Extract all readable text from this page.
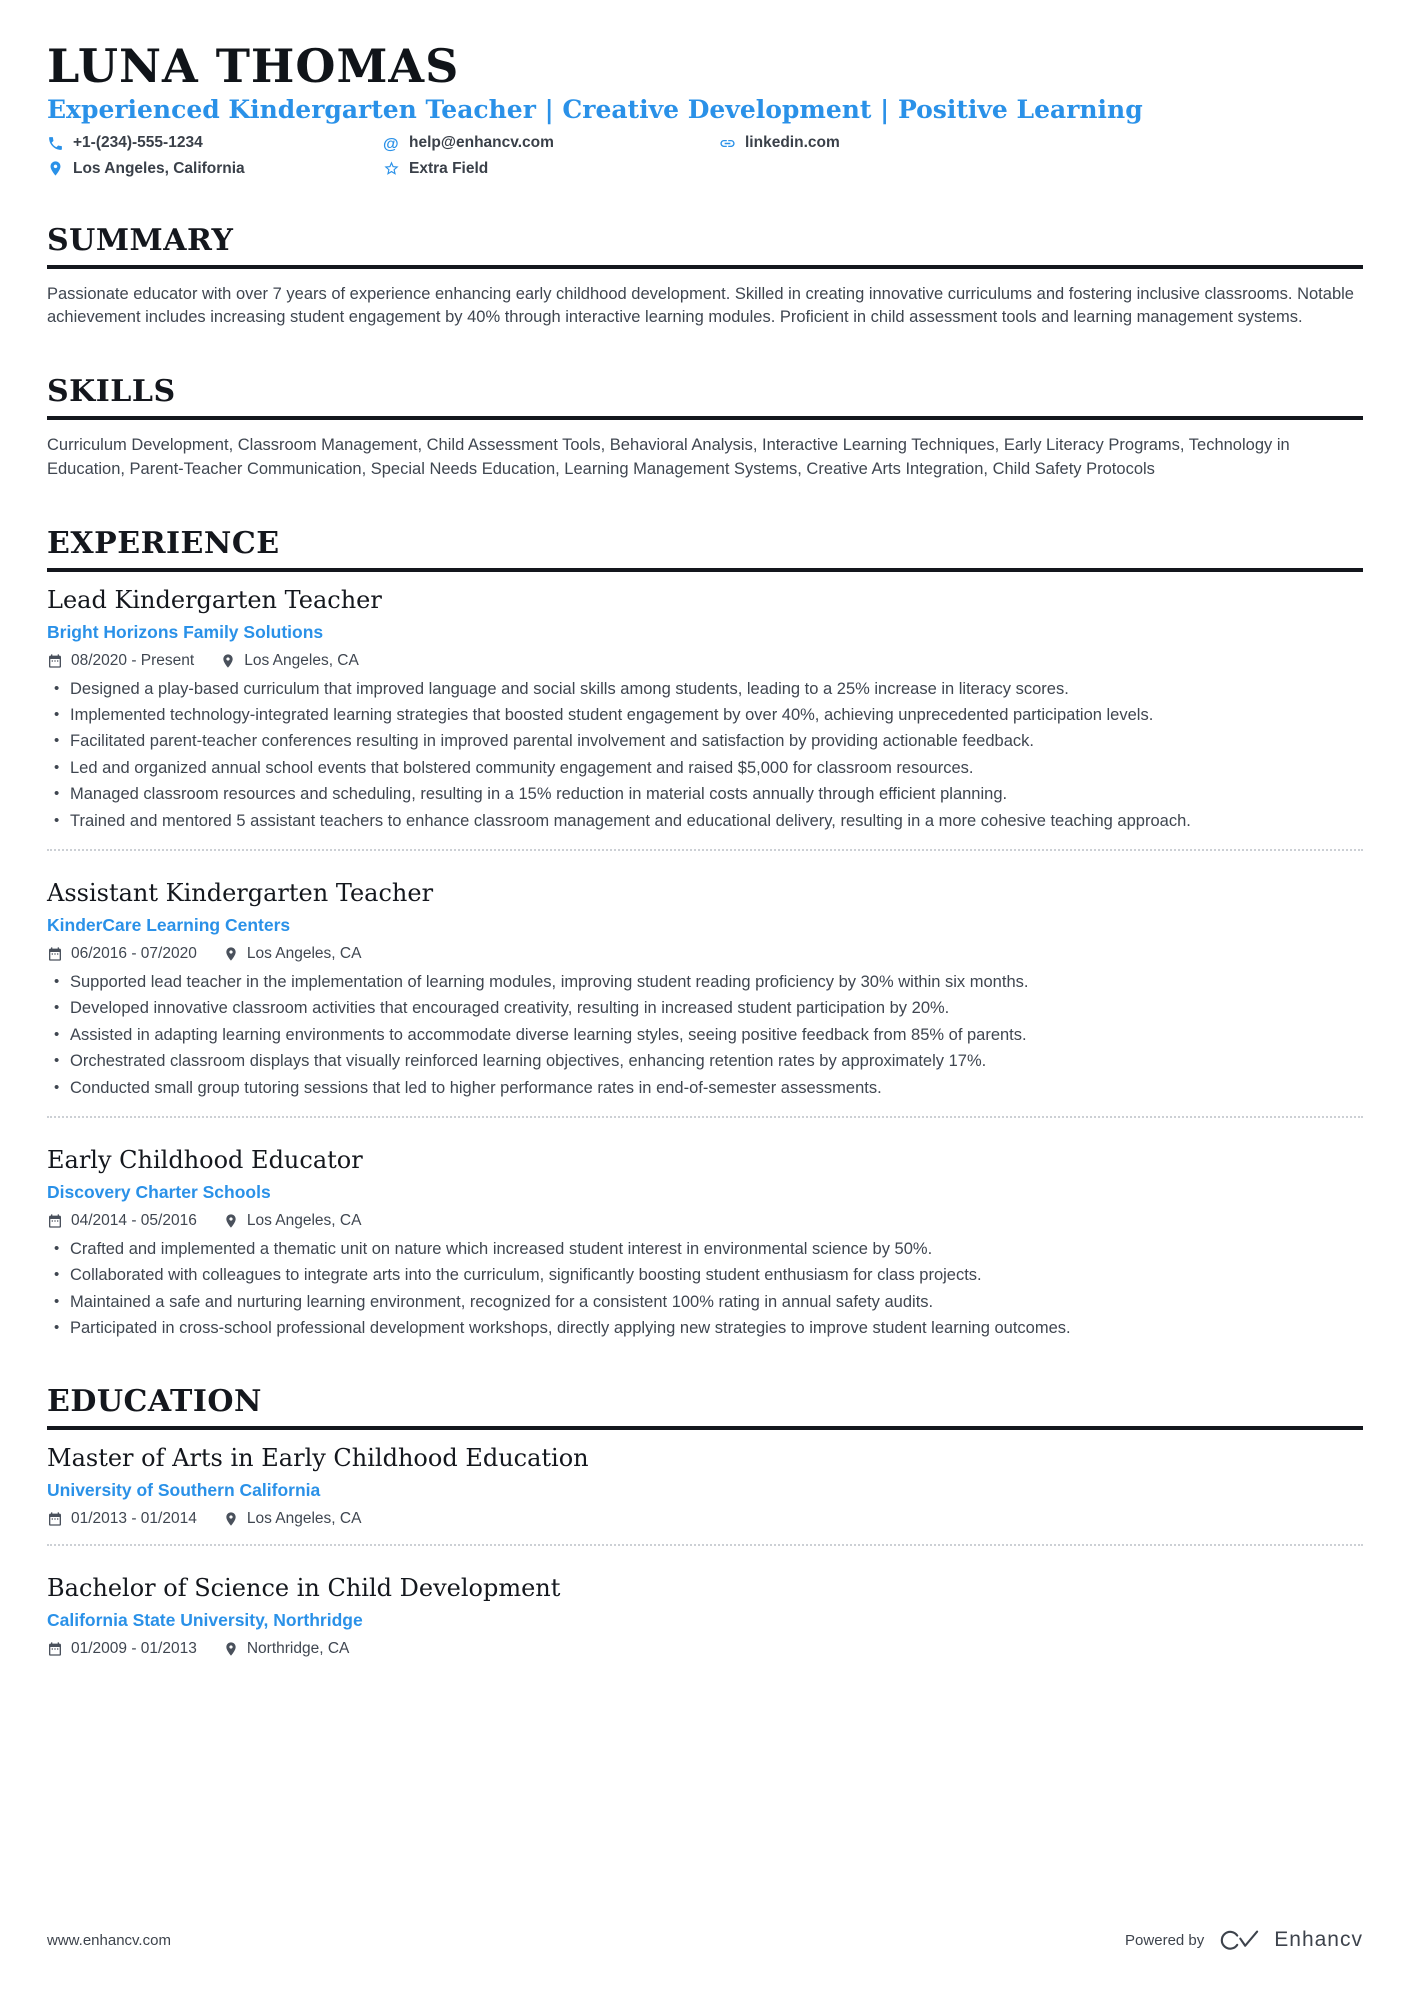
LUNA THOMAS
Experienced Kindergarten Teacher | Creative Development | Positive Learning
+1-(234)-555-1234	@ help@enhancv.com	linkedin.com
Los Angeles, California	Extra Field
SUMMARY

Passionate educator with over 7 years of experience enhancing early childhood development. Skilled in creating innovative curriculums and fostering inclusive classrooms. Notable achievement includes increasing student engagement by 40% through interactive learning modules. Proficient in child assessment tools and learning management systems.

SKILLS

Curriculum Development, Classroom Management, Child Assessment Tools, Behavioral Analysis, Interactive Learning Techniques, Early Literacy Programs, Technology in Education, Parent-Teacher Communication, Special Needs Education, Learning Management Systems, Creative Arts Integration, Child Safety Protocols

EXPERIENCE
Lead Kindergarten Teacher
Bright Horizons Family Solutions
08/2020 - Present	Los Angeles, CA
• Designed a play-based curriculum that improved language and social skills among students, leading to a 25% increase in literacy scores.
• Implemented technology-integrated learning strategies that boosted student engagement by over 40%, achieving unprecedented participation levels.
• Facilitated parent-teacher conferences resulting in improved parental involvement and satisfaction by providing actionable feedback.
• Led and organized annual school events that bolstered community engagement and raised $5,000 for classroom resources.
• Managed classroom resources and scheduling, resulting in a 15% reduction in material costs annually through efficient planning.
• Trained and mentored 5 assistant teachers to enhance classroom management and educational delivery, resulting in a more cohesive teaching approach.
Assistant Kindergarten Teacher
KinderCare Learning Centers
06/2016 - 07/2020	Los Angeles, CA
• Supported lead teacher in the implementation of learning modules, improving student reading proficiency by 30% within six months.
• Developed innovative classroom activities that encouraged creativity, resulting in increased student participation by 20%.
• Assisted in adapting learning environments to accommodate diverse learning styles, seeing positive feedback from 85% of parents.
• Orchestrated classroom displays that visually reinforced learning objectives, enhancing retention rates by approximately 17%.
• Conducted small group tutoring sessions that led to higher performance rates in end-of-semester assessments.
Early Childhood Educator
Discovery Charter Schools
04/2014 - 05/2016	Los Angeles, CA
• Crafted and implemented a thematic unit on nature which increased student interest in environmental science by 50%.
• Collaborated with colleagues to integrate arts into the curriculum, significantly boosting student enthusiasm for class projects.
• Maintained a safe and nurturing learning environment, recognized for a consistent 100% rating in annual safety audits.
• Participated in cross-school professional development workshops, directly applying new strategies to improve student learning outcomes.
EDUCATION
Master of Arts in Early Childhood Education
University of Southern California
01/2013 - 01/2014	Los Angeles, CA
Bachelor of Science in Child Development
California State University, Northridge
01/2009 - 01/2013	Northridge, CA
www.enhancv.com	Powered by	Enhancv
